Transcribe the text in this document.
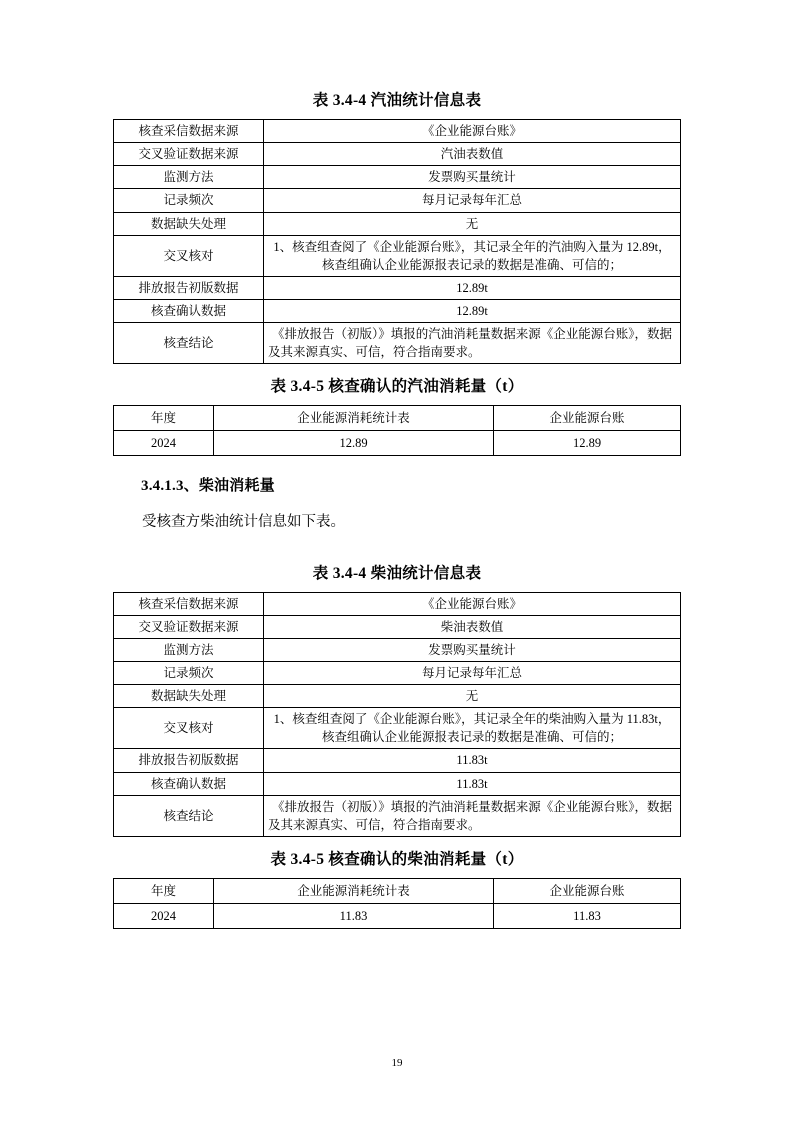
表 3.4-4 汽油统计信息表
核查采信数据来源	《企业能源台账》
交叉验证数据来源	汽油表数值
监测方法	发票购买量统计
记录频次	每月记录每年汇总
数据缺失处理	无
交叉核对	1、核查组查阅了《企业能源台账》，其记录全年的汽油购入量为 12.89t，核查组确认企业能源报表记录的数据是准确、可信的；
排放报告初版数据	12.89t
核查确认数据	12.89t
核查结论	《排放报告（初版）》填报的汽油消耗量数据来源《企业能源台账》，数据及其来源真实、可信，符合指南要求。
表 3.4-5 核查确认的汽油消耗量（t）
年度	企业能源消耗统计表	企业能源台账
2024	12.89	12.89
3.4.1.3、柴油消耗量

受核查方柴油统计信息如下表。

表 3.4-4 柴油统计信息表
核查采信数据来源	《企业能源台账》
交叉验证数据来源	柴油表数值
监测方法	发票购买量统计
记录频次	每月记录每年汇总
数据缺失处理	无
交叉核对	1、核查组查阅了《企业能源台账》，其记录全年的柴油购入量为 11.83t，核查组确认企业能源报表记录的数据是准确、可信的；
排放报告初版数据	11.83t
核查确认数据	11.83t
核查结论	《排放报告（初版）》填报的汽油消耗量数据来源《企业能源台账》，数据及其来源真实、可信，符合指南要求。
表 3.4-5 核查确认的柴油消耗量（t）
年度	企业能源消耗统计表	企业能源台账
2024	11.83	11.83
19
